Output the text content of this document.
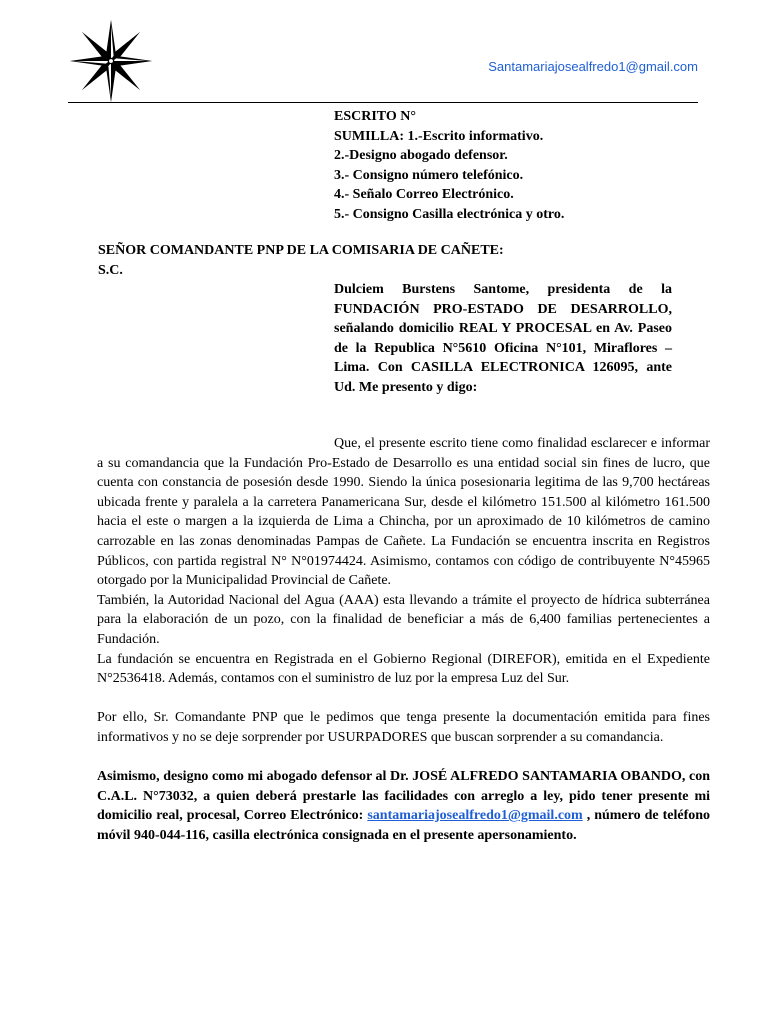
Santamariajosealfredo1@gmail.com
ESCRITO N°
SUMILLA: 1.-Escrito informativo.
2.-Designo abogado defensor.
3.- Consigno número telefónico.
4.- Señalo Correo Electrónico.
5.- Consigno Casilla electrónica y otro.
SEÑOR COMANDANTE PNP DE LA COMISARIA DE CAÑETE:
S.C.
Dulciem Burstens Santome, presidenta de la FUNDACIÓN PRO-ESTADO DE DESARROLLO, señalando domicilio REAL Y PROCESAL en Av. Paseo de la Republica N°5610 Oficina N°101, Miraflores – Lima. Con CASILLA ELECTRONICA 126095, ante Ud. Me presento y digo:

Que, el presente escrito tiene como finalidad esclarecer e informar a su comandancia que la Fundación Pro-Estado de Desarrollo es una entidad social sin fines de lucro, que cuenta con constancia de posesión desde 1990. Siendo la única posesionaria legitima de las 9,700 hectáreas ubicada frente y paralela a la carretera Panamericana Sur, desde el kilómetro 151.500 al kilómetro 161.500 hacia el este o margen a la izquierda de Lima a Chincha, por un aproximado de 10 kilómetros de camino carrozable en las zonas denominadas Pampas de Cañete. La Fundación se encuentra inscrita en Registros Públicos, con partida registral N° N°01974424. Asimismo, contamos con código de contribuyente N°45965 otorgado por la Municipalidad Provincial de Cañete.

También, la Autoridad Nacional del Agua (AAA) esta llevando a trámite el proyecto de hídrica subterránea para la elaboración de un pozo, con la finalidad de beneficiar a más de 6,400 familias pertenecientes a Fundación.

La fundación se encuentra en Registrada en el Gobierno Regional (DIREFOR), emitida en el Expediente N°2536418. Además, contamos con el suministro de luz por la empresa Luz del Sur.

Por ello, Sr. Comandante PNP que le pedimos que tenga presente la documentación emitida para fines informativos y no se deje sorprender por USURPADORES que buscan sorprender a su comandancia.

Asimismo, designo como mi abogado defensor al Dr. JOSÉ ALFREDO SANTAMARIA OBANDO, con C.A.L. N°73032, a quien deberá prestarle las facilidades con arreglo a ley, pido tener presente mi domicilio real, procesal, Correo Electrónico: santamariajosealfredo1@gmail.com , número de teléfono móvil 940-044-116, casilla electrónica consignada en el presente apersonamiento.
